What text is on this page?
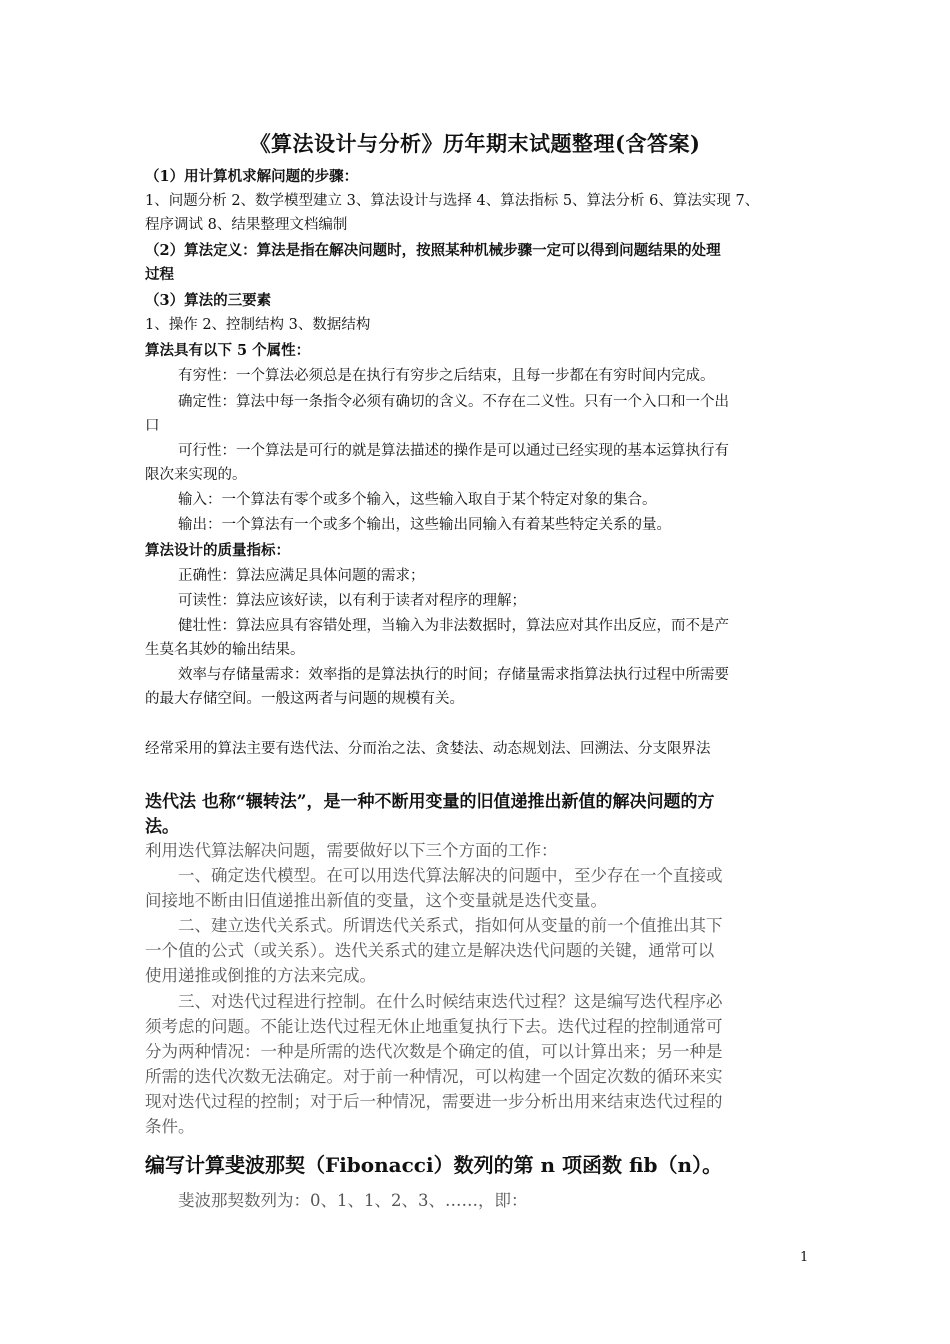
《算法设计与分析》历年期末试题整理(含答案)
（1）用计算机求解问题的步骤：
1、问题分析 2、数学模型建立 3、算法设计与选择 4、算法指标 5、算法分析 6、算法实现 7、
程序调试 8、结果整理文档编制
（2）算法定义：算法是指在解决问题时，按照某种机械步骤一定可以得到问题结果的处理
过程
（3）算法的三要素
1、操作 2、控制结构 3、数据结构
算法具有以下 5 个属性：
有穷性：一个算法必须总是在执行有穷步之后结束，且每一步都在有穷时间内完成。
确定性：算法中每一条指令必须有确切的含义。不存在二义性。只有一个入口和一个出
口
可行性：一个算法是可行的就是算法描述的操作是可以通过已经实现的基本运算执行有
限次来实现的。
输入：一个算法有零个或多个输入，这些输入取自于某个特定对象的集合。
输出：一个算法有一个或多个输出，这些输出同输入有着某些特定关系的量。
算法设计的质量指标：
正确性：算法应满足具体问题的需求；
可读性：算法应该好读，以有利于读者对程序的理解；
健壮性：算法应具有容错处理，当输入为非法数据时，算法应对其作出反应，而不是产
生莫名其妙的输出结果。
效率与存储量需求：效率指的是算法执行的时间；存储量需求指算法执行过程中所需要
的最大存储空间。一般这两者与问题的规模有关。
经常采用的算法主要有迭代法、分而治之法、贪婪法、动态规划法、回溯法、分支限界法
迭代法 也称“辗转法”，是一种不断用变量的旧值递推出新值的解决问题的方
法。
利用迭代算法解决问题，需要做好以下三个方面的工作：
一、确定迭代模型。在可以用迭代算法解决的问题中，至少存在一个直接或
间接地不断由旧值递推出新值的变量，这个变量就是迭代变量。
二、建立迭代关系式。所谓迭代关系式，指如何从变量的前一个值推出其下
一个值的公式（或关系）。迭代关系式的建立是解决迭代问题的关键，通常可以
使用递推或倒推的方法来完成。
三、对迭代过程进行控制。在什么时候结束迭代过程？这是编写迭代程序必
须考虑的问题。不能让迭代过程无休止地重复执行下去。迭代过程的控制通常可
分为两种情况：一种是所需的迭代次数是个确定的值，可以计算出来；另一种是
所需的迭代次数无法确定。对于前一种情况，可以构建一个固定次数的循环来实
现对迭代过程的控制；对于后一种情况，需要进一步分析出用来结束迭代过程的
条件。
编写计算斐波那契（Fibonacci）数列的第 n 项函数 fib（n）。
斐波那契数列为：0、1、1、2、3、……，即：
1
